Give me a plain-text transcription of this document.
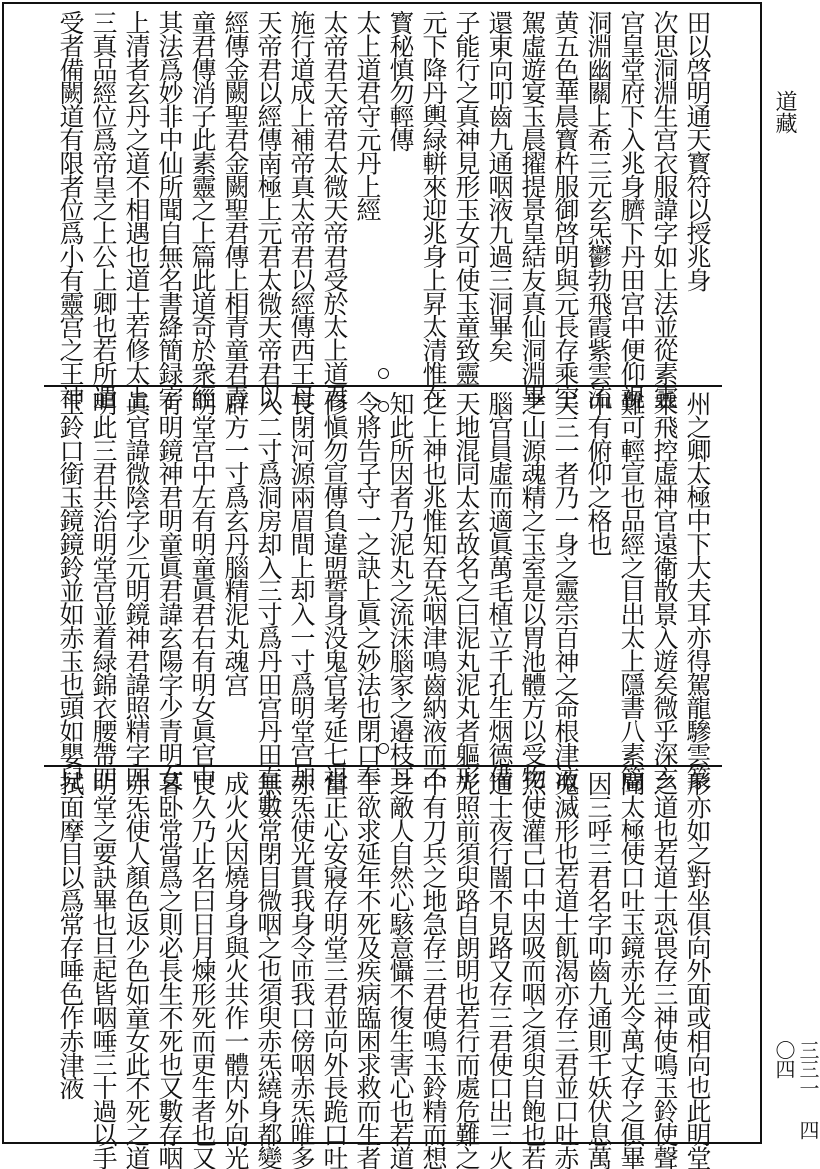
田以啓明通天寳符以授兆身
次思洞淵生宫衣服諱字如上法並從素靈
宫皇堂府下入兆身臍下丹田宫中便仰視
洞淵幽關上希三元玄炁鬱勃飛霞紫雲流
黄五色華晨寳杵服御啓明與元長存乘空
駕虛遊宴玉晨擢提景皇結友真仙洞淵畢
還東向叩齒九通咽液九過三洞畢矣
子能行之真神見形玉女可使玉童致靈
元下降丹輿緑軿來迎兆身上昇太清惟在
寳秘慎勿輕傳
太上道君守元丹上經
太帝君天帝君太微天帝君受於太上道君
施行道成上補帝真太帝君以經傳西王母
天帝君以經傳南極上元君太微天帝君以
經傳金闕聖君金闕聖君傳上相青童君青
童君傳消子此素靈之上篇此道奇於衆經
其法爲妙非中仙所聞自無名書絳簡録字
上清者玄丹之道不相遇也道士若修太上
三真品經位爲帝皇之上公上卿也若所遣
受者備闕道有限者位爲小有靈宫之王神
州之卿太極中下大夫耳亦得駕龍驂雲篆
乘飛控虛神官遠衛散景入遊矣微乎深玄
難可輕宣也品經之目出太上隱書八素篇
中有俯仰之格也
夫三一者乃一身之靈宗百神之命根津液
之山源魂精之玉室是以胃池體方以受物
腦宫員虛而適眞萬毛植立千孔生烟德備
天地混同太玄故名之曰泥丸泥丸者軀形
之上神也兆惟知吞炁咽津鳴齒納液而不
知此所因者乃泥丸之流沫腦家之邉枝耳
令將告子守一之訣上眞之妙法也閉口奉
修愼勿宣傳負違盟誓身没鬼官考延七祖
長閉河源兩眉間上却入一寸爲明堂宫却
入二寸爲洞房却入三寸爲丹田宫丹田直上
辟方一寸爲玄丹腦精泥丸魂宫
明堂宫中左有明童眞君右有明女眞官中
有明鏡神君明童眞君諱玄陽字少青明女
眞官諱微陰字少元明鏡神君諱照精字四
明此三君共治明堂宫並着緑錦衣腰帶四
玉鈴口銜玉鏡鏡鈴並如赤玉也頭如嬰兒
形亦如之對坐俱向外面或相向也此明堂
之道也若道士恐畏存三神使鳴玉鈴使聲
聞太極使口吐玉鏡赤光令萬丈存之俱畢
因三呼三君名字叩齒九通則千妖伏息萬
鬼滅形也若道士飢渴亦存三君並口吐赤
炁使灌己口中因吸而咽之須臾自飽也若
道士夜行闇不見路又存三君使口出三火
光照前須臾路自朗明也若行而處危難之
中有刀兵之地急存三君使鳴玉鈴精而想
之敵人自然心駭意懾不復生害心也若道
士欲求延年不死及疾病臨困求救而生者
當正心安寢存明堂三君並向外長跪口吐
赤炁使光貫我身令匝我口傍咽赤炁唯多
無數常閉目微咽之也須臾赤炁繞身都變
成火火因燒身身與火共作一體内外向光
良久乃止名曰日月煉形死而更生者也又
暮卧常當爲之則必長生不死也又數存咽
赤炁使人顏色返少色如童女此不死之道
明堂之要訣畢也旦起皆咽唾三十過以手
拭面摩目以爲常存唾色作赤津液
道藏
三三一 四〇四
